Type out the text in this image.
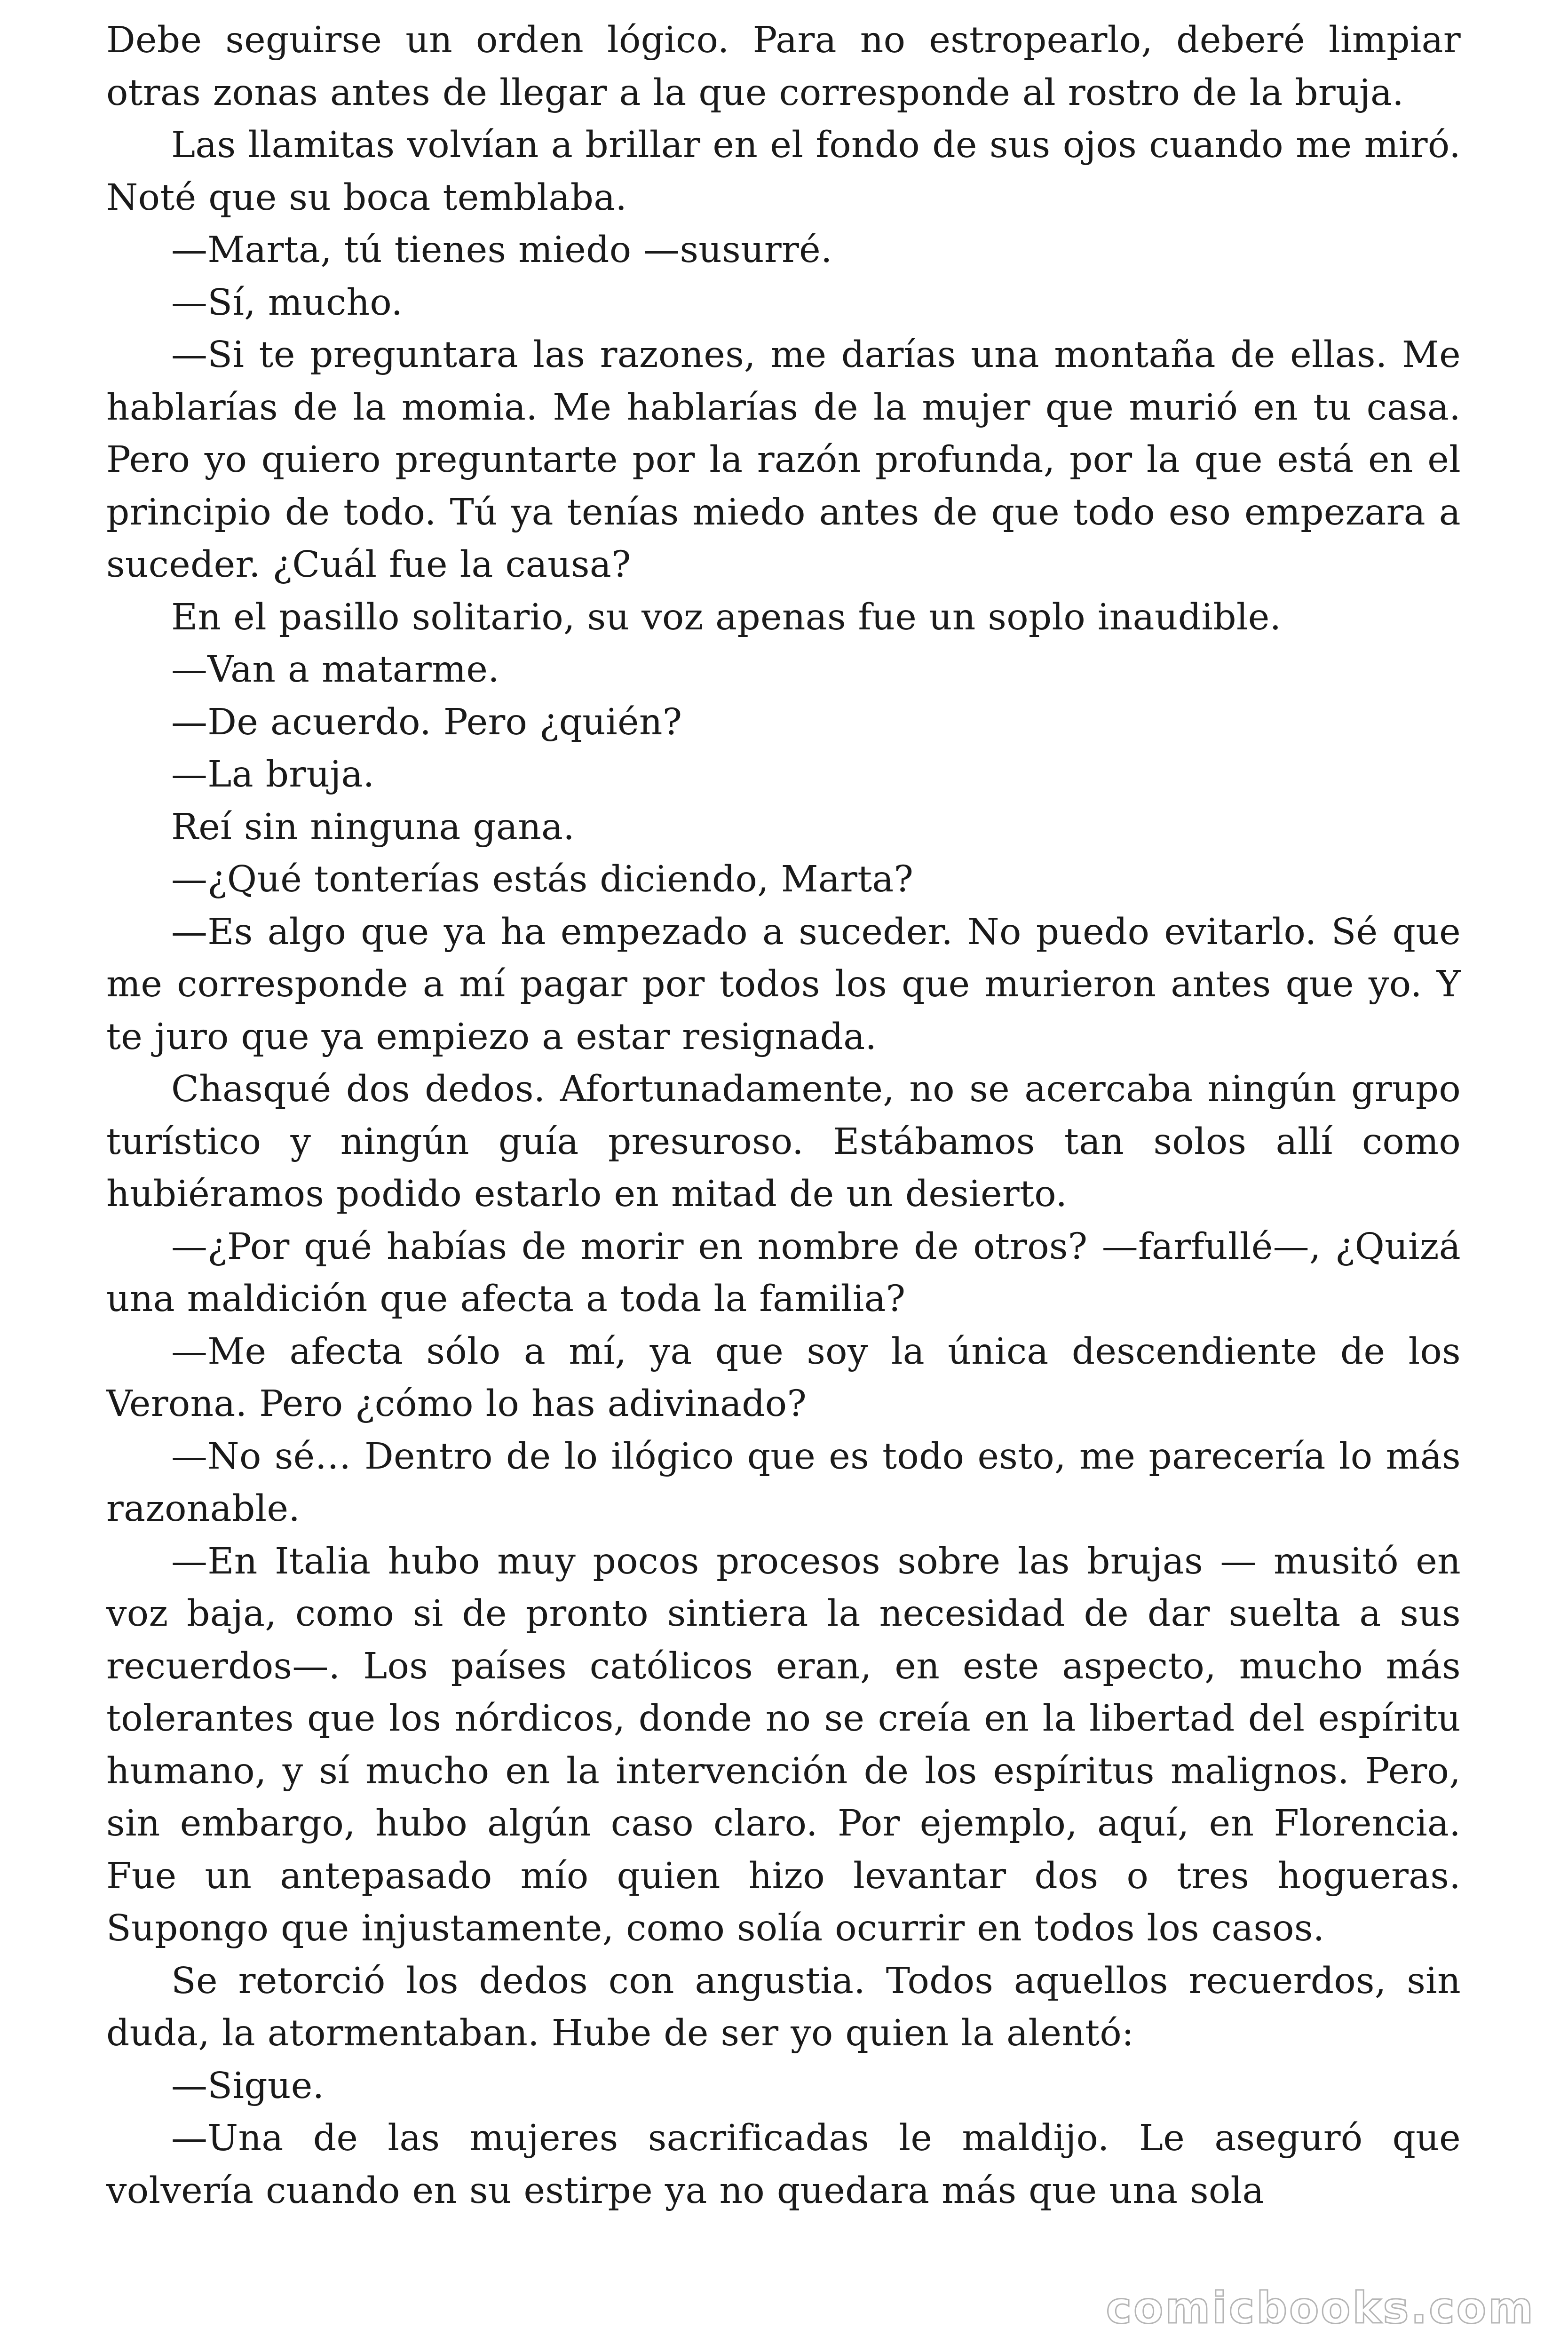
Debe seguirse un orden lógico. Para no estropearlo, deberé limpiar otras zonas antes de llegar a la que corresponde al rostro de la bruja.

Las llamitas volvían a brillar en el fondo de sus ojos cuando me miró. Noté que su boca temblaba.

—Marta, tú tienes miedo —susurré.

—Sí, mucho.

—Si te preguntara las razones, me darías una montaña de ellas. Me hablarías de la momia. Me hablarías de la mujer que murió en tu casa. Pero yo quiero preguntarte por la razón profunda, por la que está en el principio de todo. Tú ya tenías miedo antes de que todo eso empezara a suceder. ¿Cuál fue la causa?

En el pasillo solitario, su voz apenas fue un soplo inaudible.

—Van a matarme.

—De acuerdo. Pero ¿quién?

—La bruja.

Reí sin ninguna gana.

—¿Qué tonterías estás diciendo, Marta?

—Es algo que ya ha empezado a suceder. No puedo evitarlo. Sé que me corresponde a mí pagar por todos los que murieron antes que yo. Y te juro que ya empiezo a estar resignada.

Chasqué dos dedos. Afortunadamente, no se acercaba ningún grupo turístico y ningún guía presuroso. Estábamos tan solos allí como hubiéramos podido estarlo en mitad de un desierto.

—¿Por qué habías de morir en nombre de otros? —farfullé—, ¿Quizá una maldición que afecta a toda la familia?

—Me afecta sólo a mí, ya que soy la única descendiente de los Verona. Pero ¿cómo lo has adivinado?

—No sé… Dentro de lo ilógico que es todo esto, me parecería lo más razonable.

—En Italia hubo muy pocos procesos sobre las brujas — musitó en voz baja, como si de pronto sintiera la necesidad de dar suelta a sus recuerdos—. Los países católicos eran, en este aspecto, mucho más tolerantes que los nórdicos, donde no se creía en la libertad del espíritu humano, y sí mucho en la intervención de los espíritus malignos. Pero, sin embargo, hubo algún caso claro. Por ejemplo, aquí, en Florencia. Fue un antepasado mío quien hizo levantar dos o tres hogueras. Supongo que injustamente, como solía ocurrir en todos los casos.

Se retorció los dedos con angustia. Todos aquellos recuerdos, sin duda, la atormentaban. Hube de ser yo quien la alentó:

—Sigue.

—Una de las mujeres sacrificadas le maldijo. Le aseguró que volvería cuando en su estirpe ya no quedara más que una sola

comicbooks.com
